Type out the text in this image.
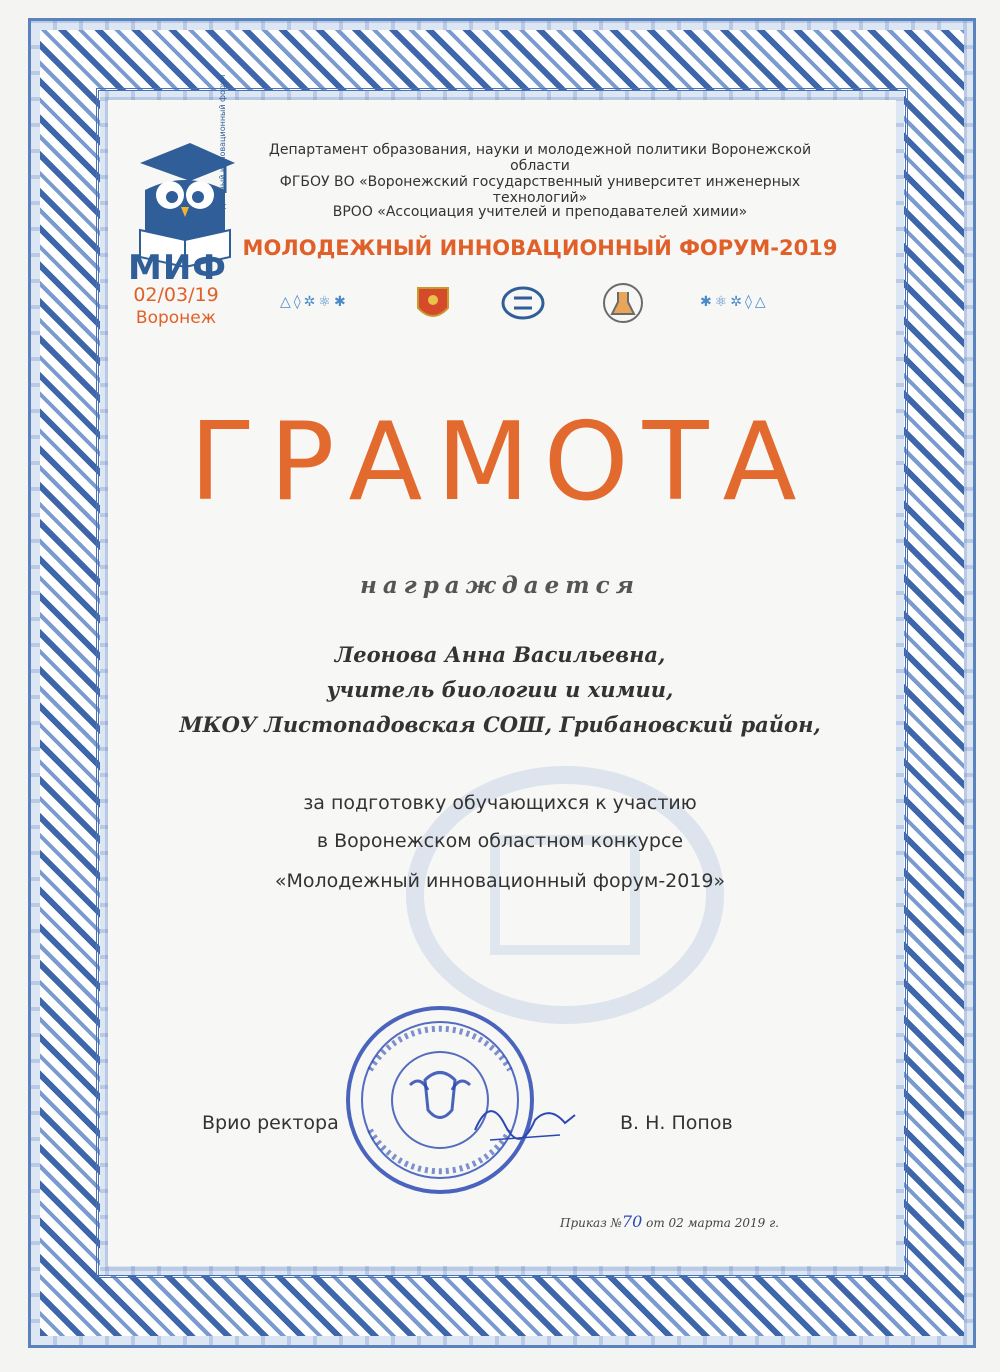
МИФ
молодежный инновационный форум
02/03/19
Воронеж
Департамент образования, науки и молодежной политики Воронежской области
ФГБОУ ВО «Воронежский государственный университет инженерных технологий»
ВРОО «Ассоциация учителей и преподавателей химии»
МОЛОДЕЖНЫЙ ИННОВАЦИОННЫЙ ФОРУМ-2019
△◊✲⚛✱	✱⚛✲◊△
ГРАМОТА
награждается
Леонова Анна Васильевна,
учитель биологии и химии,
МКОУ Листопадовская СОШ, Грибановский район,
за подготовку обучающихся к участию
в Воронежском областном конкурсе
«Молодежный инновационный форум-2019»
Врио ректора	В. Н. Попов
Приказ №70 от 02 марта 2019 г.
